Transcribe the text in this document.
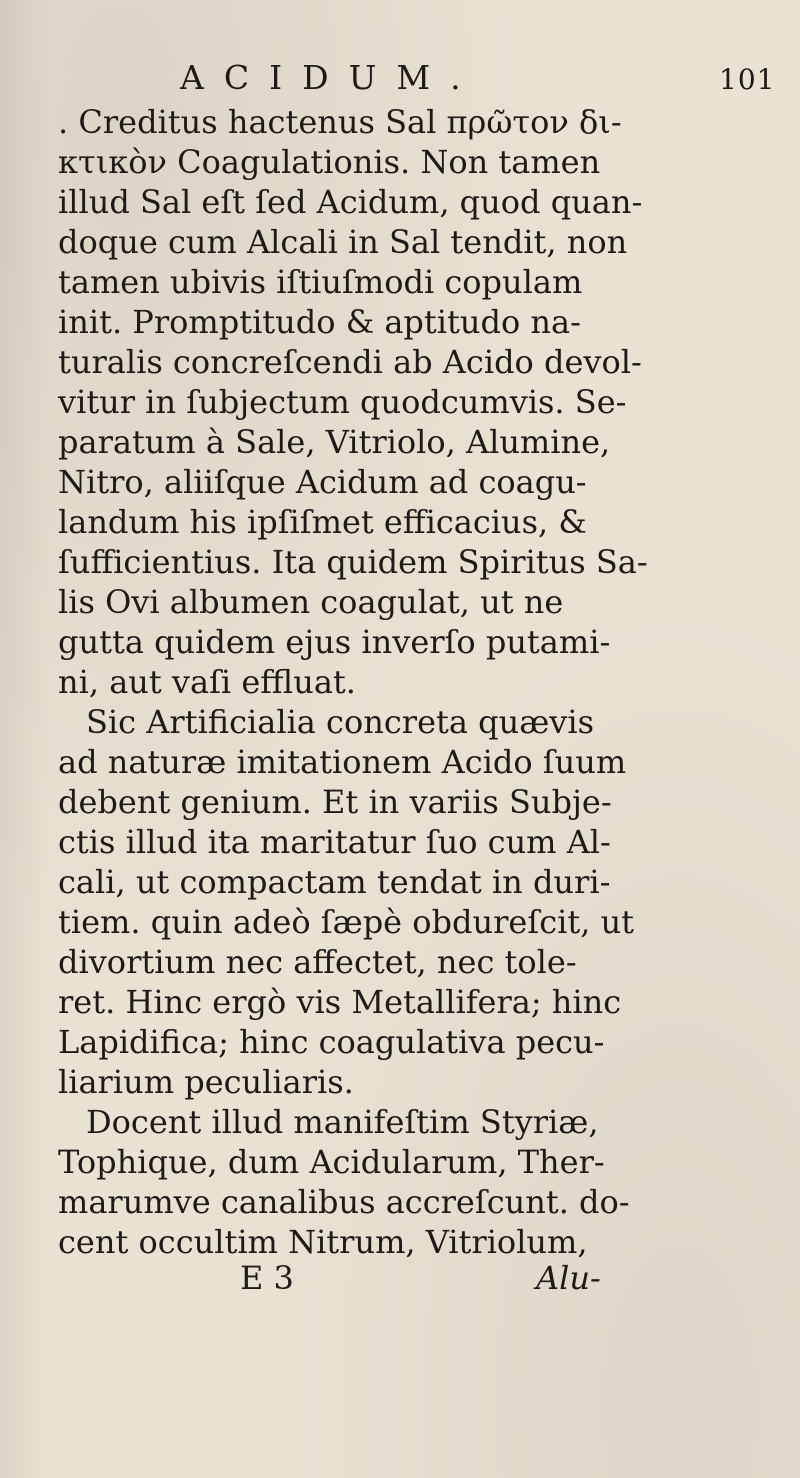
ACIDUM.	101
. Creditus hactenus Sal πρῶτον δι-
κτικὸν Coagulationis. Non tamen
illud Sal eſt ſed Acidum, quod quan-
doque cum Alcali in Sal tendit, non
tamen ubivis iſtiuſmodi copulam
init. Promptitudo & aptitudo na-
turalis concreſcendi ab Acido devol-
vitur in ſubjectum quodcumvis. Se-
paratum à Sale, Vitriolo, Alumine,
Nitro, aliiſque Acidum ad coagu-
landum his ipſiſmet efficacius, &
ſufficientius. Ita quidem Spiritus Sa-
lis Ovi albumen coagulat, ut ne
gutta quidem ejus inverſo putami-
ni, aut vaſi effluat.
Sic Artificialia concreta quævis
ad naturæ imitationem Acido ſuum
debent genium. Et in variis Subje-
ctis illud ita maritatur ſuo cum Al-
cali, ut compactam tendat in duri-
tiem. quin adeò ſæpè obdureſcit, ut
divortium nec affectet, nec tole-
ret. Hinc ergò vis Metallifera; hinc
Lapidifica; hinc coagulativa pecu-
liarium peculiaris.
Docent illud manifeſtim Styriæ,
Tophique, dum Acidularum, Ther-
marumve canalibus accreſcunt. do-
cent occultim Nitrum, Vitriolum,
E 3	Alu-
